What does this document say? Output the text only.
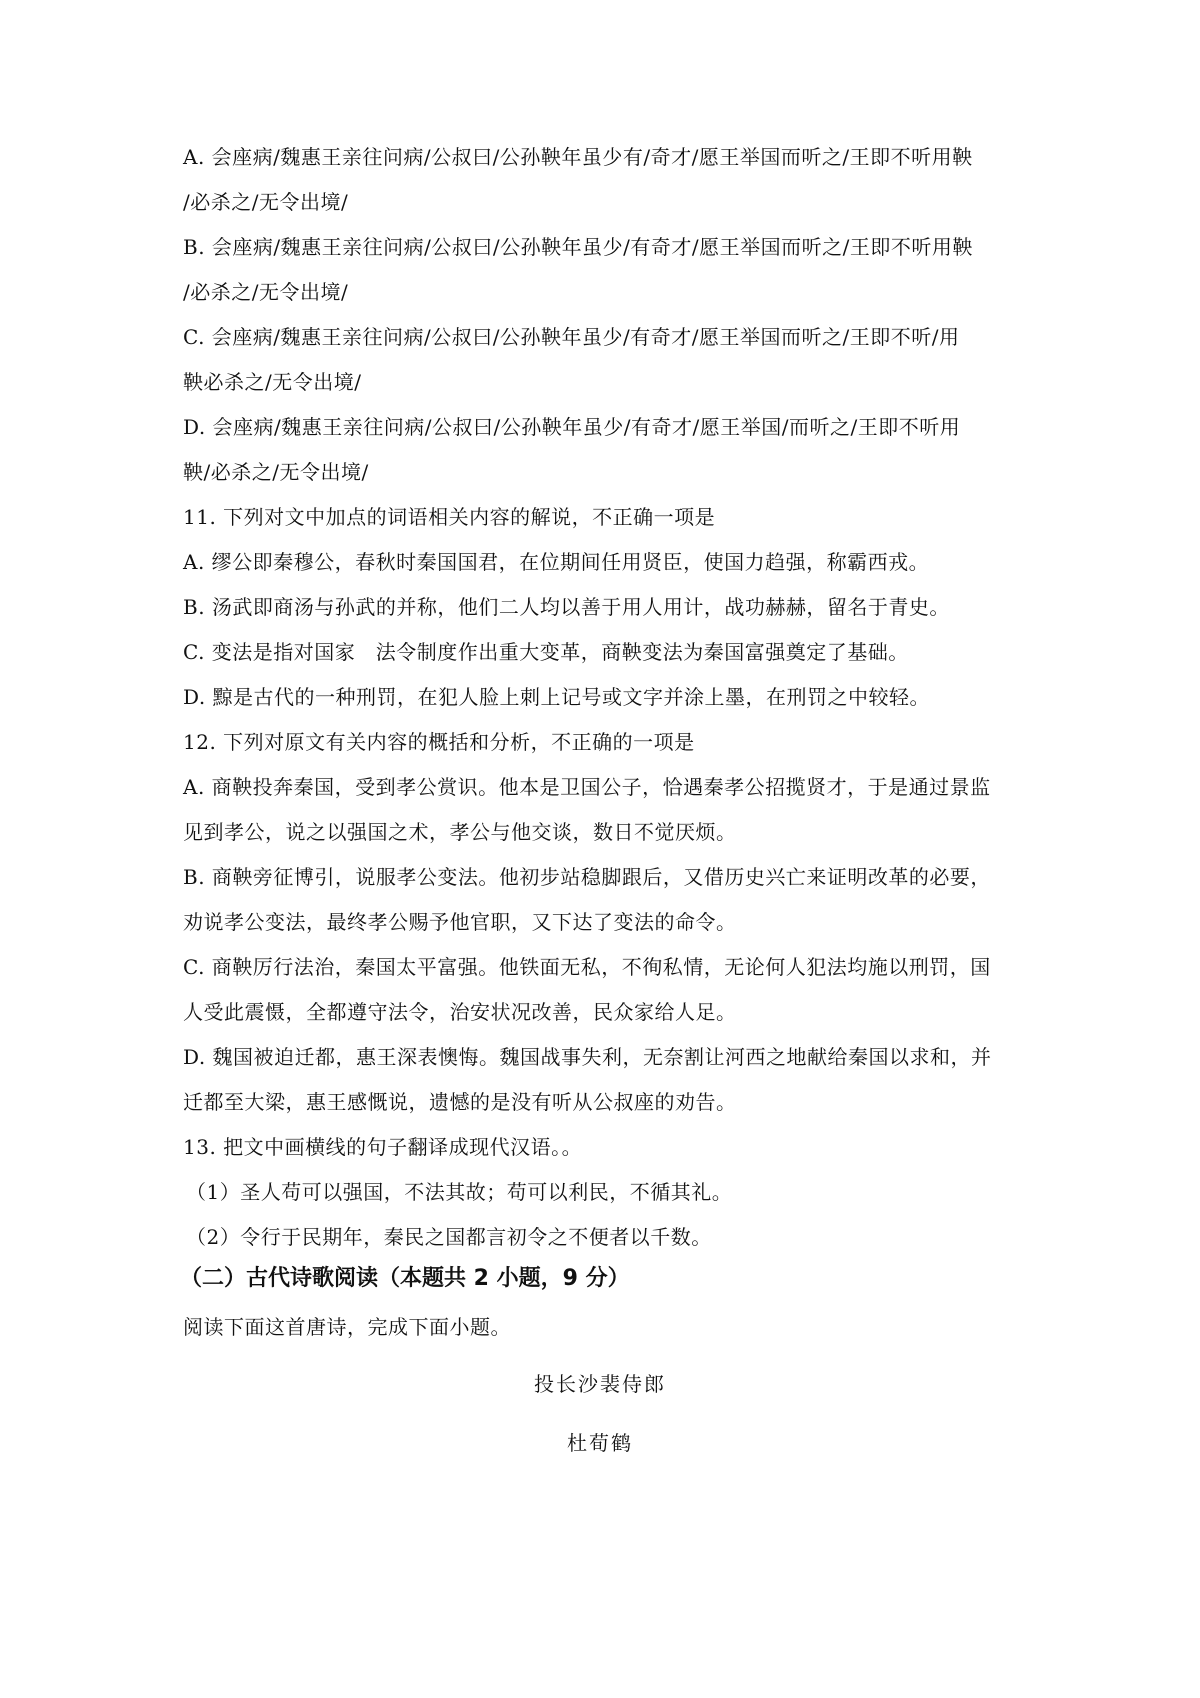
A. 会座病/魏惠王亲往问病/公叔曰/公孙鞅年虽少有/奇才/愿王举国而听之/王即不听用鞅
/必杀之/无令出境/
B. 会座病/魏惠王亲往问病/公叔曰/公孙鞅年虽少/有奇才/愿王举国而听之/王即不听用鞅
/必杀之/无令出境/
C. 会座病/魏惠王亲往问病/公叔曰/公孙鞅年虽少/有奇才/愿王举国而听之/王即不听/用
鞅必杀之/无令出境/
D. 会座病/魏惠王亲往问病/公叔曰/公孙鞅年虽少/有奇才/愿王举国/而听之/王即不听用
鞅/必杀之/无令出境/
11. 下列对文中加点的词语相关内容的解说，不正确一项是
A. 缪公即秦穆公，春秋时秦国国君，在位期间任用贤臣，使国力趋强，称霸西戎。
B. 汤武即商汤与孙武的并称，他们二人均以善于用人用计，战功赫赫，留名于青史。
C. 变法是指对国家　法令制度作出重大变革，商鞅变法为秦国富强奠定了基础。
D. 黥是古代的一种刑罚，在犯人脸上刺上记号或文字并涂上墨，在刑罚之中较轻。
12. 下列对原文有关内容的概括和分析，不正确的一项是
A. 商鞅投奔秦国，受到孝公赏识。他本是卫国公子，恰遇秦孝公招揽贤才，于是通过景监
见到孝公，说之以强国之术，孝公与他交谈，数日不觉厌烦。
B. 商鞅旁征博引，说服孝公变法。他初步站稳脚跟后，又借历史兴亡来证明改革的必要，
劝说孝公变法，最终孝公赐予他官职，又下达了变法的命令。
C. 商鞅厉行法治，秦国太平富强。他铁面无私，不徇私情，无论何人犯法均施以刑罚，国
人受此震慑，全都遵守法令，治安状况改善，民众家给人足。
D. 魏国被迫迁都，惠王深表懊悔。魏国战事失利，无奈割让河西之地献给秦国以求和，并
迁都至大梁，惠王感慨说，遗憾的是没有听从公叔座的劝告。
13. 把文中画横线的句子翻译成现代汉语。。
（1）圣人苟可以强国，不法其故；苟可以利民，不循其礼。
（2）令行于民期年，秦民之国都言初令之不便者以千数。
（二）古代诗歌阅读（本题共 2 小题，9 分）
阅读下面这首唐诗，完成下面小题。
投长沙裴侍郎
杜荀鹤
